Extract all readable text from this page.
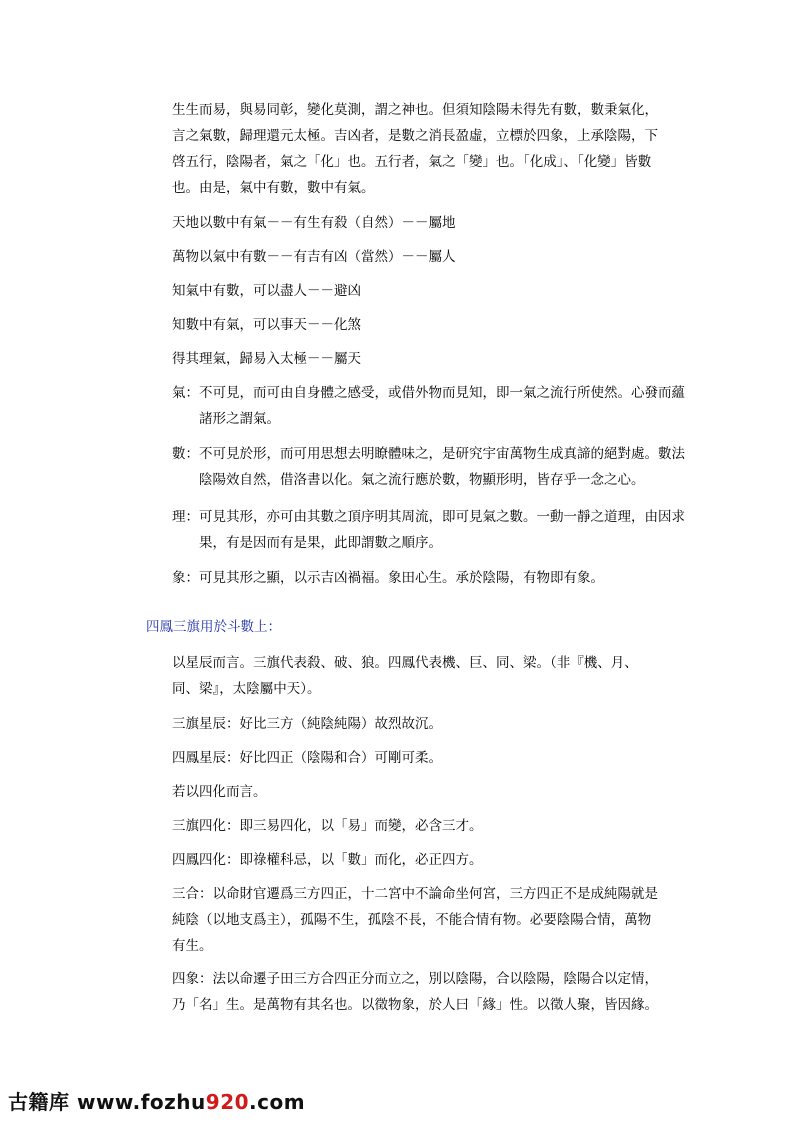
生生而易，與易同彰，變化莫測，謂之神也。但須知陰陽未得先有數，數秉氣化，言之氣數，歸理還元太極。吉凶者，是數之消長盈虛，立標於四象，上承陰陽，下啓五行，陰陽者，氣之「化」也。五行者，氣之「變」也。「化成」、「化變」皆數也。由是，氣中有數，數中有氣。

天地以數中有氣－－有生有殺（自然）－－屬地

萬物以氣中有數－－有吉有凶（當然）－－屬人

知氣中有數，可以盡人－－避凶

知數中有氣，可以事天－－化煞

得其理氣，歸易入太極－－屬天

氣：不可見，而可由自身體之感受，或借外物而見知，即一氣之流行所使然。心發而蘊諸形之謂氣。

數：不可見於形，而可用思想去明瞭體味之，是研究宇宙萬物生成真諦的絕對處。數法陰陽效自然，借洛書以化。氣之流行應於數，物顯形明，皆存乎一念之心。

理：可見其形，亦可由其數之頂序明其周流，即可見氣之數。一動一靜之道理，由因求果，有是因而有是果，此即謂數之順序。

象：可見其形之顯，以示吉凶禍福。象田心生。承於陰陽，有物即有象。

四鳳三旗用於斗數上：

以星辰而言。三旗代表殺、破、狼。四鳳代表機、巨、同、梁。（非『機、月、同、梁』，太陰屬中天）。

三旗星辰：好比三方（純陰純陽）故烈故沉。

四鳳星辰：好比四正（陰陽和合）可剛可柔。

若以四化而言。

三旗四化：即三易四化，以「易」而變，必含三才。

四鳳四化：即祿權科忌，以「數」而化，必正四方。

三合：以命財官遷爲三方四正，十二宮中不論命坐何宮，三方四正不是成純陽就是純陰（以地支爲主），孤陽不生，孤陰不長，不能合情有物。必要陰陽合情，萬物有生。

四象：法以命遷子田三方合四正分而立之，別以陰陽，合以陰陽，陰陽合以定情，乃「名」生。是萬物有其名也。以徵物象，於人曰「緣」性。以徵人聚，皆因緣。

古籍库 www.fozhu920.com
